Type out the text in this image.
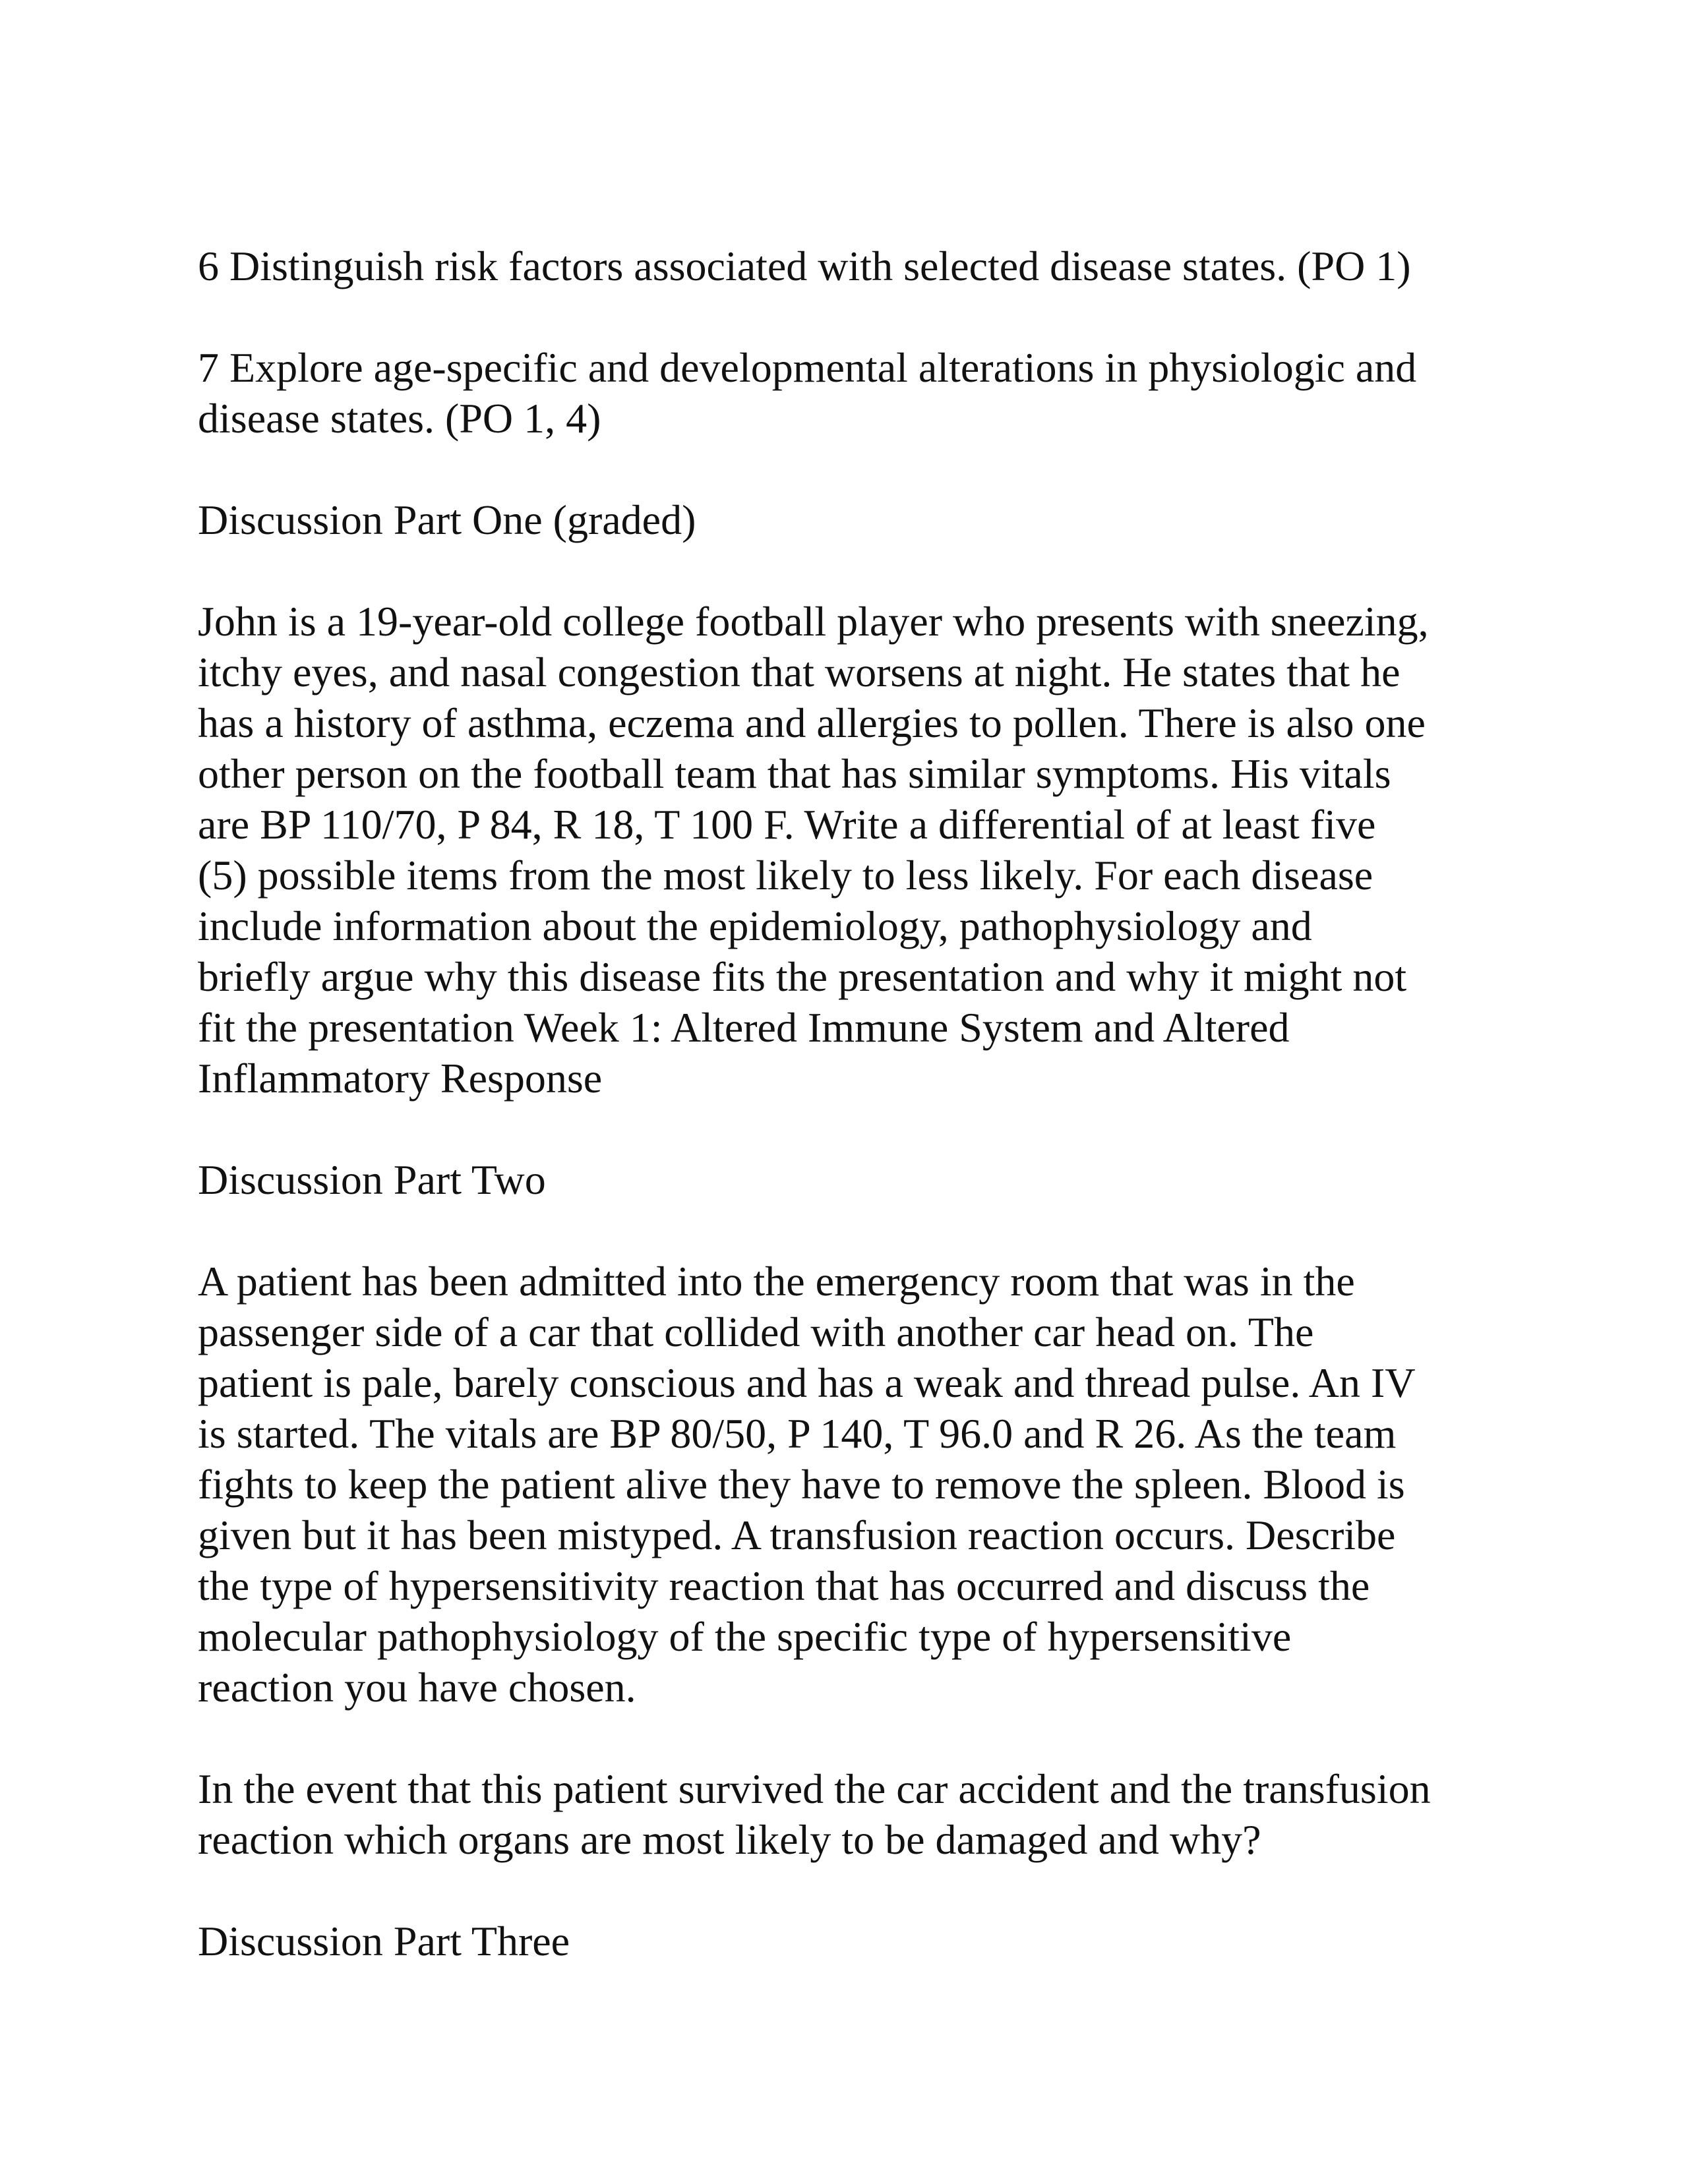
6 Distinguish risk factors associated with selected disease states. (PO 1)

7 Explore age-specific and developmental alterations in physiologic and
disease states. (PO 1, 4)

Discussion Part One (graded)

John is a 19-year-old college football player who presents with sneezing,
itchy eyes, and nasal congestion that worsens at night. He states that he
has a history of asthma, eczema and allergies to pollen. There is also one
other person on the football team that has similar symptoms. His vitals
are BP 110/70, P 84, R 18, T 100 F. Write a differential of at least five
(5) possible items from the most likely to less likely. For each disease
include information about the epidemiology, pathophysiology and
briefly argue why this disease fits the presentation and why it might not
fit the presentation Week 1: Altered Immune System and Altered
Inflammatory Response

Discussion Part Two

A patient has been admitted into the emergency room that was in the
passenger side of a car that collided with another car head on. The
patient is pale, barely conscious and has a weak and thread pulse. An IV
is started. The vitals are BP 80/50, P 140, T 96.0 and R 26. As the team
fights to keep the patient alive they have to remove the spleen. Blood is
given but it has been mistyped. A transfusion reaction occurs. Describe
the type of hypersensitivity reaction that has occurred and discuss the
molecular pathophysiology of the specific type of hypersensitive
reaction you have chosen.

In the event that this patient survived the car accident and the transfusion
reaction which organs are most likely to be damaged and why?

Discussion Part Three
